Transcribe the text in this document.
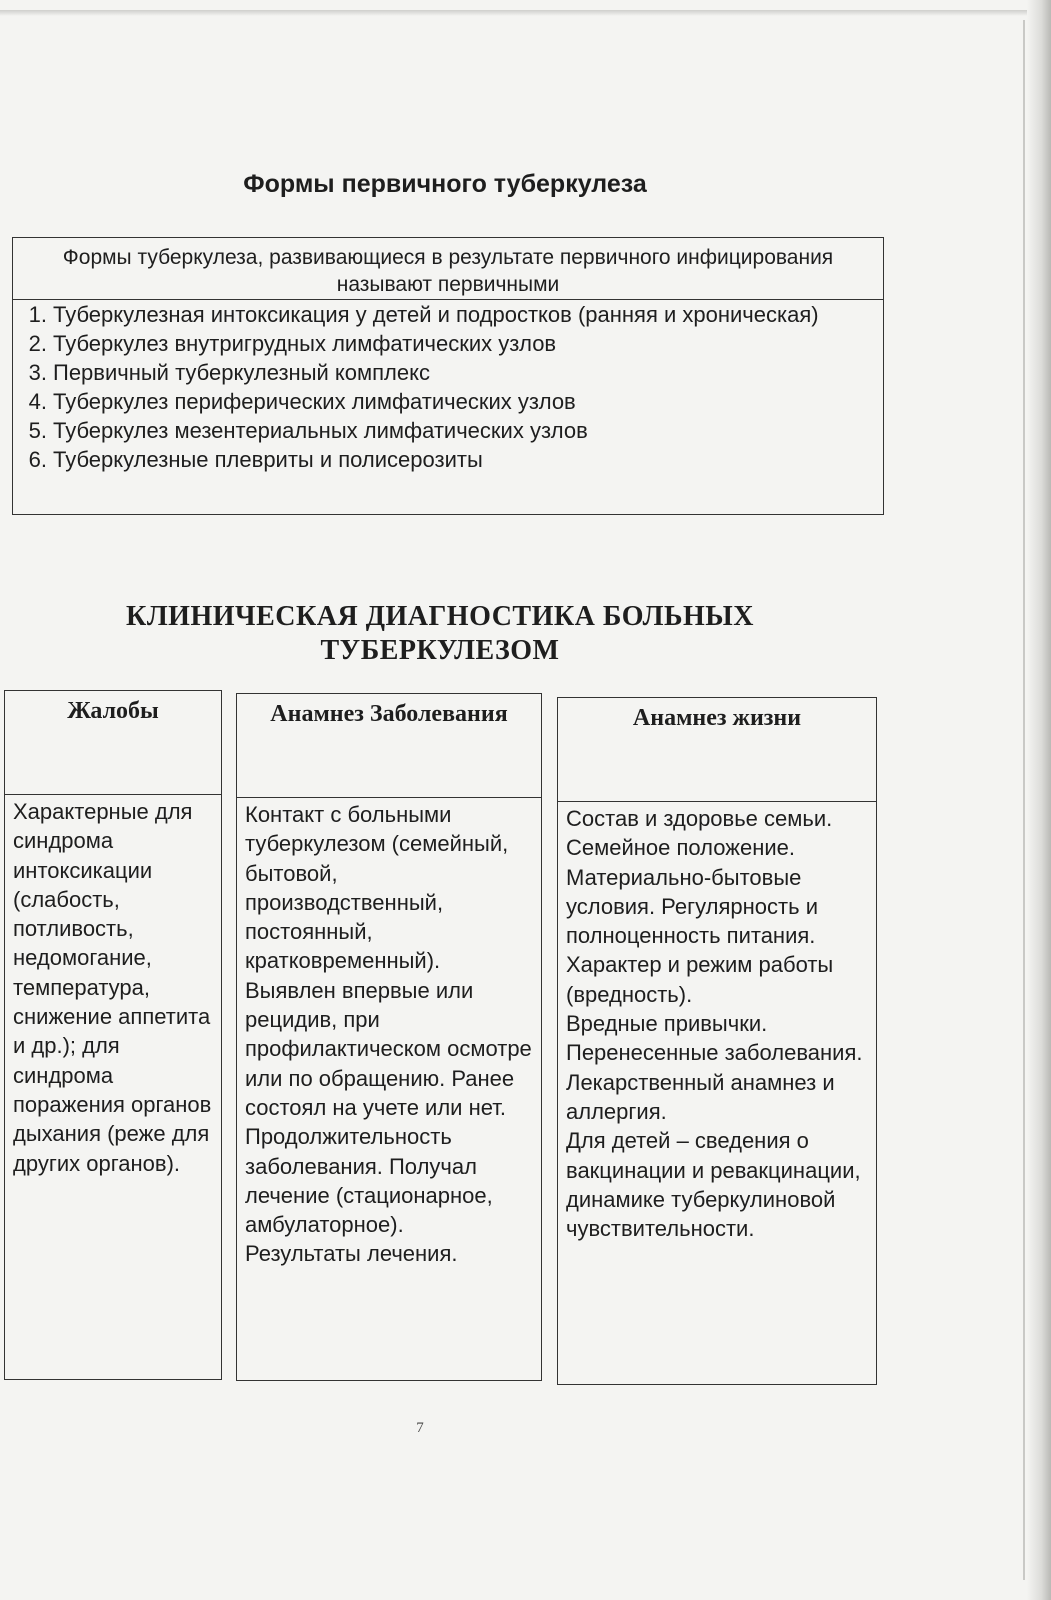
Формы первичного туберкулеза
Формы туберкулеза, развивающиеся в результате первичного инфицирования называют первичными
1. Туберкулезная интоксикация у детей и подростков (ранняя и хроническая)
2. Туберкулез внутригрудных лимфатических узлов
3. Первичный туберкулезный комплекс
4. Туберкулез периферических лимфатических узлов
5. Туберкулез мезентериальных лимфатических узлов
6. Туберкулезные плевриты и полисерозиты
КЛИНИЧЕСКАЯ ДИАГНОСТИКА БОЛЬНЫХ
ТУБЕРКУЛЕЗОМ
Жалобы

Характерные для синдрома интоксикации (слабость, потливость, недомогание, температура, снижение аппетита и др.); для синдрома поражения органов дыхания (реже для других органов).

Анамнез Заболевания

Контакт с больными туберкулезом (семейный, бытовой, производственный, постоянный, кратковременный).

Выявлен впервые или рецидив, при профилактическом осмотре или по обращению. Ранее состоял на учете или нет.

Продолжительность заболевания. Получал лечение (стационарное, амбулаторное).

Результаты лечения.

Анамнез жизни

Состав и здоровье семьи.

Семейное положение.

Материально-бытовые условия. Регулярность и полноценность питания.

Характер и режим работы (вредность).

Вредные привычки.

Перенесенные заболевания.

Лекарственный анамнез и аллергия.

Для детей – сведения о вакцинации и ревакцинации, динамике туберкулиновой чувствительности.

7
